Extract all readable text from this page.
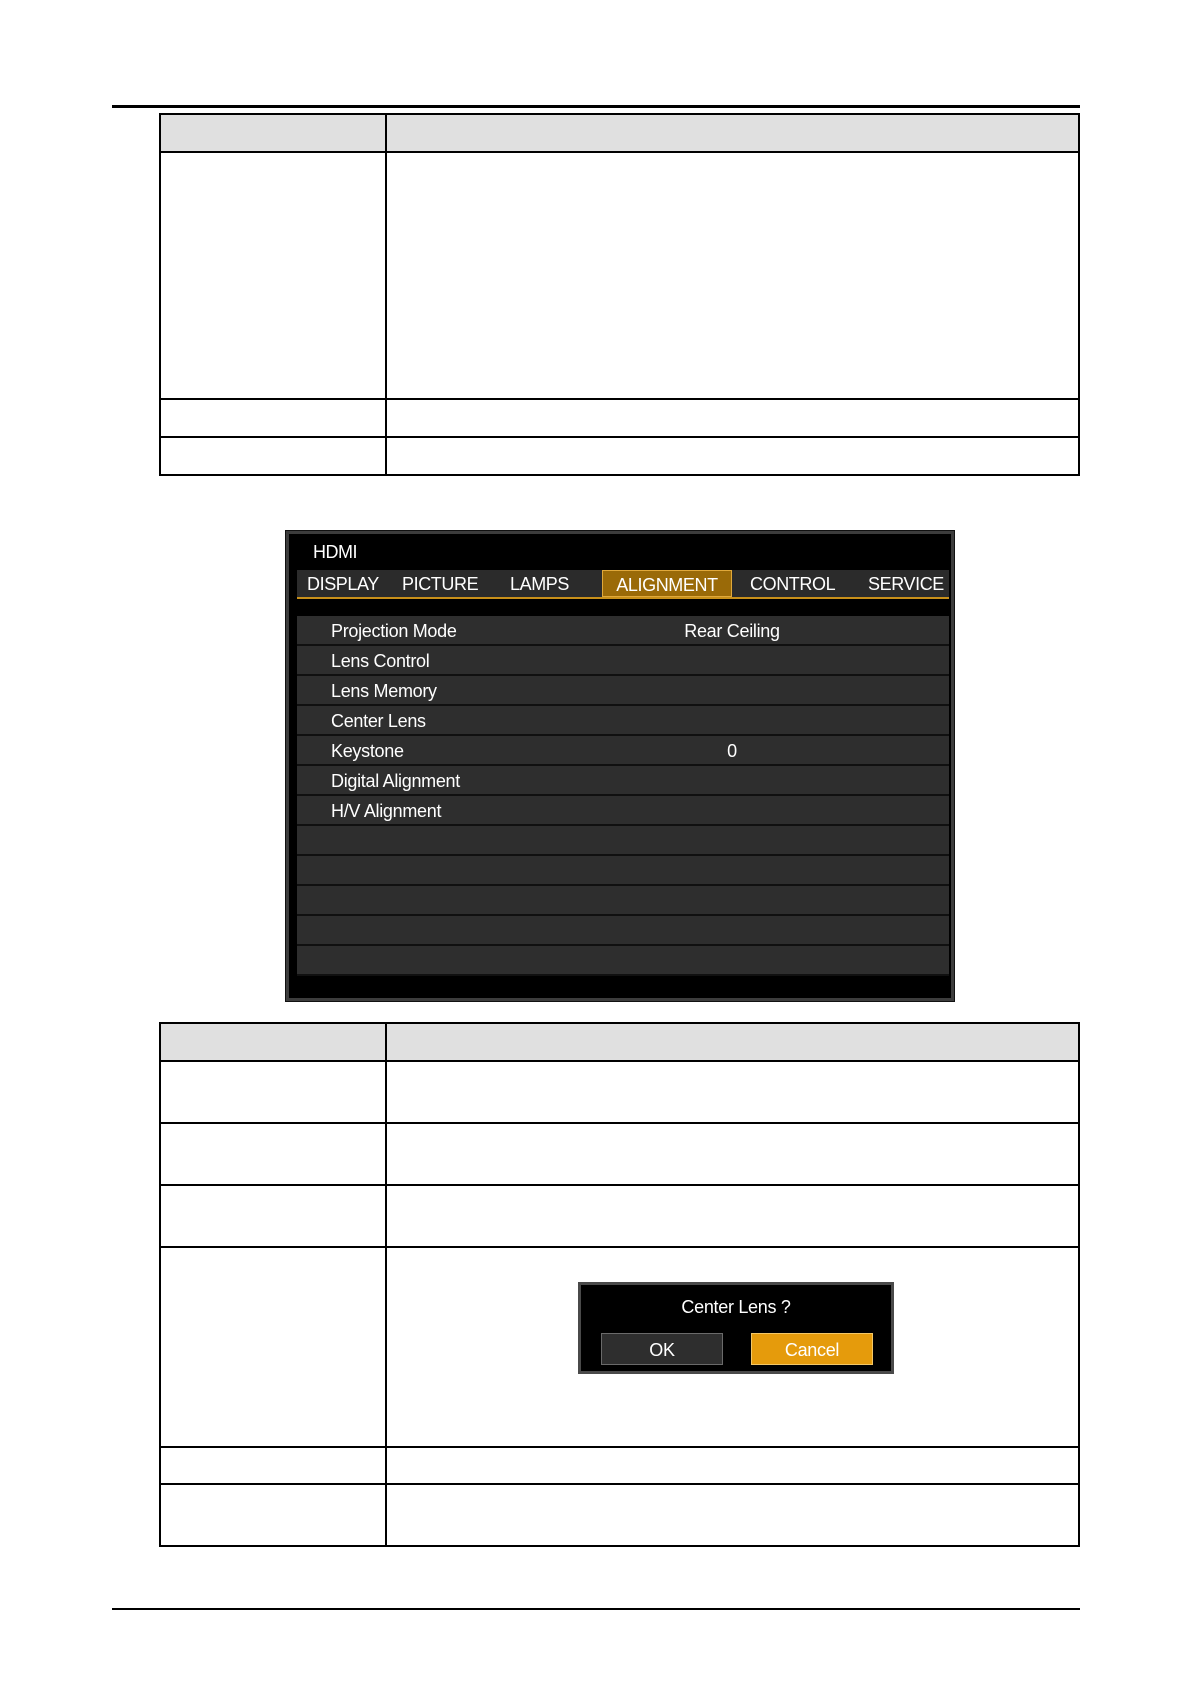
HDMI
DISPLAY PICTURE LAMPS	ALIGNMENT	CONTROL SERVICE
Projection Mode	Rear Ceiling
Lens Control
Lens Memory
Center Lens
Keystone	0
Digital Alignment
H/V Alignment

Center Lens ?
OK	Cancel
